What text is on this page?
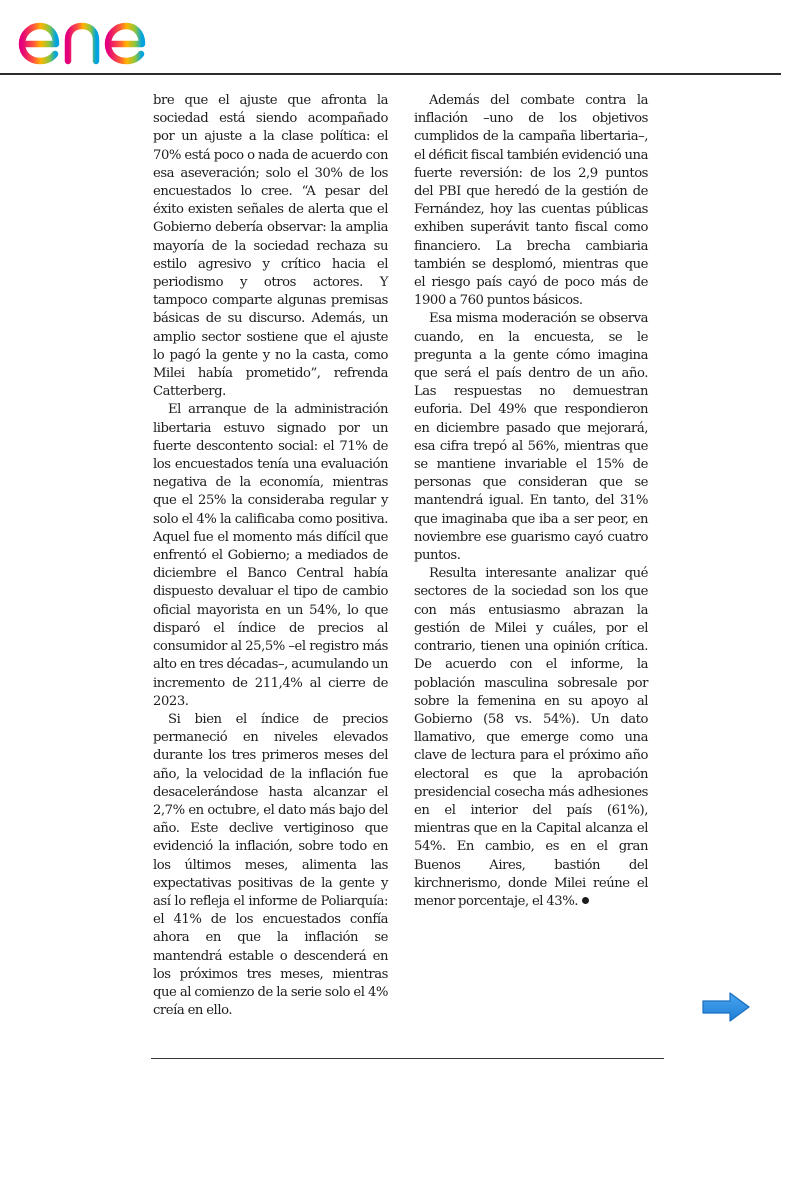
bre que el ajuste que afronta la sociedad está siendo acompañado por un ajuste a la clase política: el 70% está poco o nada de acuerdo con esa aseveración; solo el 30% de los encuestados lo cree. “A pesar del éxito existen señales de alerta que el Gobierno debería observar: la amplia mayoría de la sociedad rechaza su estilo agresivo y crítico hacia el periodismo y otros actores. Y tampoco comparte algunas premisas básicas de su discurso. Además, un amplio sector sostiene que el ajuste lo pagó la gente y no la casta, como Milei había prometido”, refrenda Catterberg.

El arranque de la administración libertaria estuvo signado por un fuerte descontento social: el 71% de los encuestados tenía una evaluación negativa de la economía, mientras que el 25% la consideraba regular y solo el 4% la calificaba como positiva. Aquel fue el momento más difícil que enfrentó el Gobierno; a mediados de diciembre el Banco Central había dispuesto devaluar el tipo de cambio oficial mayorista en un 54%, lo que disparó el índice de precios al consumidor al 25,5% –el registro más alto en tres décadas–, acumulando un incremento de 211,4% al cierre de 2023.

Si bien el índice de precios permaneció en niveles elevados durante los tres primeros meses del año, la velocidad de la inflación fue desacelerándose hasta alcanzar el 2,7% en octubre, el dato más bajo del año. Este declive vertiginoso que evidenció la inflación, sobre todo en los últimos meses, alimenta las expectativas positivas de la gente y así lo refleja el informe de Poliarquía: el 41% de los encuestados confía ahora en que la inflación se mantendrá estable o descenderá en los próximos tres meses, mientras que al comienzo de la serie solo el 4% creía en ello.

Además del combate contra la inflación –uno de los objetivos cumplidos de la campaña libertaria–, el déficit fiscal también evidenció una fuerte reversión: de los 2,9 puntos del PBI que heredó de la gestión de Fernández, hoy las cuentas públicas exhiben superávit tanto fiscal como financiero. La brecha cambiaria también se desplomó, mientras que el riesgo país cayó de poco más de 1900 a 760 puntos básicos.

Esa misma moderación se observa cuando, en la encuesta, se le pregunta a la gente cómo imagina que será el país dentro de un año. Las respuestas no demuestran euforia. Del 49% que respondieron en diciembre pasado que mejorará, esa cifra trepó al 56%, mientras que se mantiene invariable el 15% de personas que consideran que se mantendrá igual. En tanto, del 31% que imaginaba que iba a ser peor, en noviembre ese guarismo cayó cuatro puntos.

Resulta interesante analizar qué sectores de la sociedad son los que con más entusiasmo abrazan la gestión de Milei y cuáles, por el contrario, tienen una opinión crítica. De acuerdo con el informe, la población masculina sobresale por sobre la femenina en su apoyo al Gobierno (58 vs. 54%). Un dato llamativo, que emerge como una clave de lectura para el próximo año electoral es que la aprobación presidencial cosecha más adhesiones en el interior del país (61%), mientras que en la Capital alcanza el 54%. En cambio, es en el gran Buenos Aires, bastión del kirchnerismo, donde Milei reúne el menor porcentaje, el 43%.
